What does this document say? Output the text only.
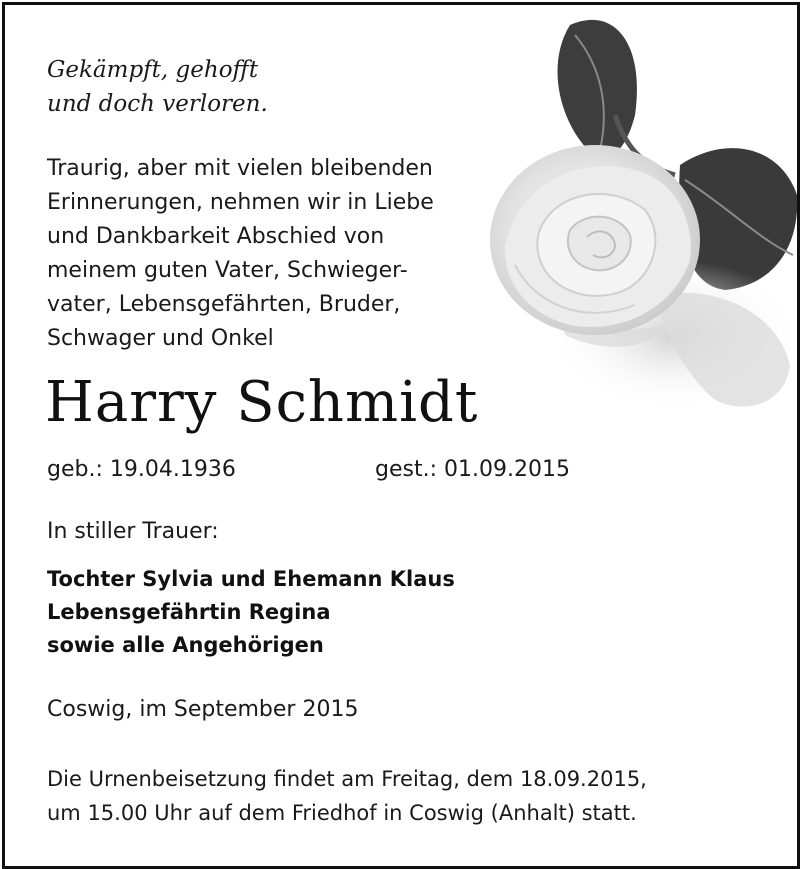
Gekämpft, gehofft
und doch verloren.
Traurig, aber mit vielen bleibenden
Erinnerungen, nehmen wir in Liebe
und Dankbarkeit Abschied von
meinem guten Vater, Schwieger-
vater, Lebensgefährten, Bruder,
Schwager und Onkel
Harry Schmidt
geb.: 19.04.1936	gest.: 01.09.2015
In stiller Trauer:
Tochter Sylvia und Ehemann Klaus
Lebensgefährtin Regina
sowie alle Angehörigen
Coswig, im September 2015
Die Urnenbeisetzung findet am Freitag, dem 18.09.2015,
um 15.00 Uhr auf dem Friedhof in Coswig (Anhalt) statt.
